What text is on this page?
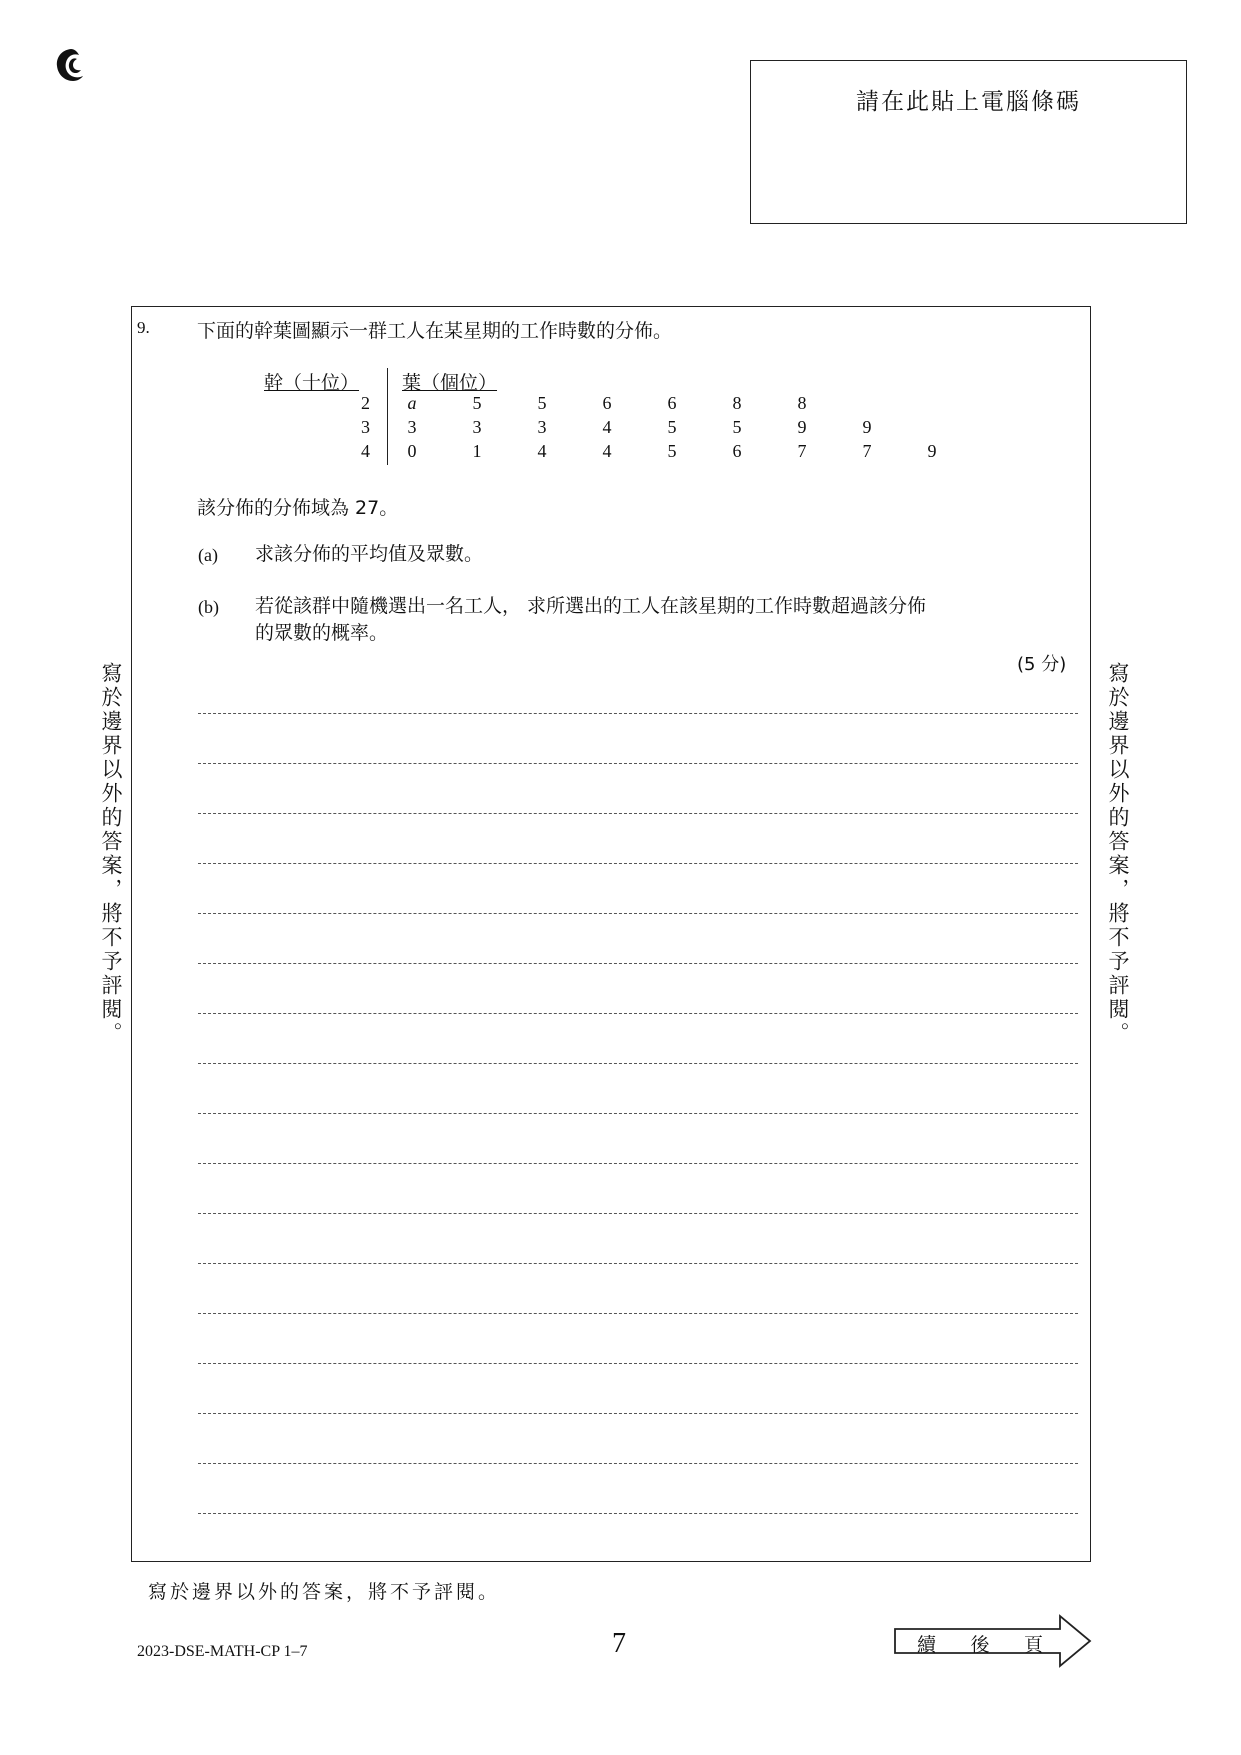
請在此貼上電腦條碼
9. 下面的幹葉圖顯示一群工人在某星期的工作時數的分佈。
幹（十位） 葉（個位）
2	a	5	5	6	6	8	8
3	3	3	3	4	5	5	9	9
4	0	1	4	4	5	6	7	7	9
該分佈的分佈域為 27。
(a) 求該分佈的平均值及眾數。
(b) 若從該群中隨機選出一名工人， 求所選出的工人在該星期的工作時數超過該分佈
的眾數的概率。
(5 分)
寫於邊界以外的答案，將不予評閱。	寫於邊界以外的答案，將不予評閱。
寫於邊界以外的答案，將不予評閱。
2023-DSE-MATH-CP 1–7	7	續 後 頁
